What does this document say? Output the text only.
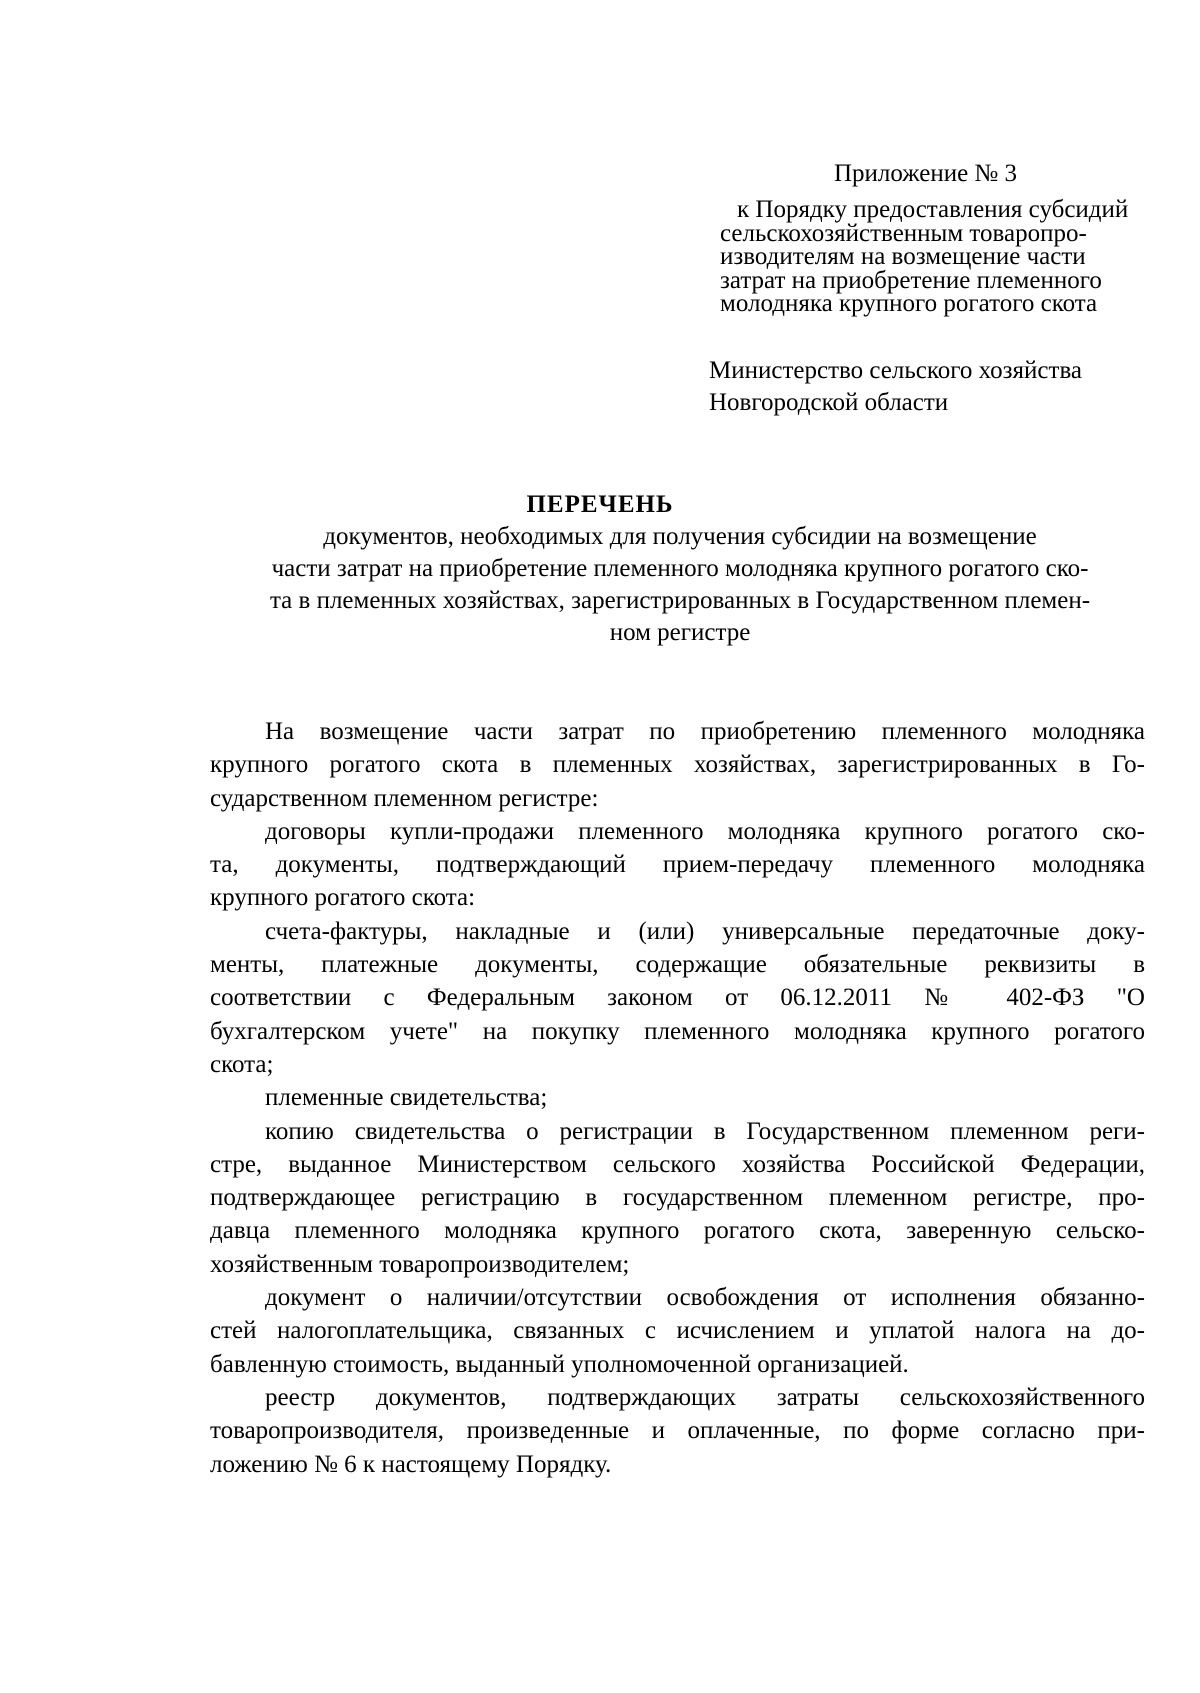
Приложение № 3
к Порядку предоставления субсидий
сельскохозяйственным товаропро-
изводителям на возмещение части
затрат на приобретение племенного
молодняка крупного рогатого скота
Министерство сельского хозяйства
Новгородской области
ПЕРЕЧЕНЬ
документов, необходимых для получения субсидии на возмещение
части затрат на приобретение племенного молодняка крупного рогатого ско-
та в племенных хозяйствах, зарегистрированных в Государственном племен-
ном регистре

На возмещение части затрат по приобретению племенного молодняка
крупного рогатого скота в племенных хозяйствах, зарегистрированных в Го-
сударственном племенном регистре:

договоры купли-продажи племенного молодняка крупного рогатого ско-
та, документы, подтверждающий прием-передачу племенного молодняка
крупного рогатого скота:

счета-фактуры, накладные и (или) универсальные передаточные доку-
менты, платежные документы, содержащие обязательные реквизиты в
соответствии с Федеральным законом от 06.12.2011 № 402-ФЗ "О
бухгалтерском учете" на покупку племенного молодняка крупного рогатого
скота;

племенные свидетельства;

копию свидетельства о регистрации в Государственном племенном реги-
стре, выданное Министерством сельского хозяйства Российской Федерации,
подтверждающее регистрацию в государственном племенном регистре, про-
давца племенного молодняка крупного рогатого скота, заверенную сельско-
хозяйственным товаропроизводителем;

документ о наличии/отсутствии освобождения от исполнения обязанно-
стей налогоплательщика, связанных с исчислением и уплатой налога на до-
бавленную стоимость, выданный уполномоченной организацией.

реестр документов, подтверждающих затраты сельскохозяйственного
товаропроизводителя, произведенные и оплаченные, по форме согласно при-
ложению № 6 к настоящему Порядку.
